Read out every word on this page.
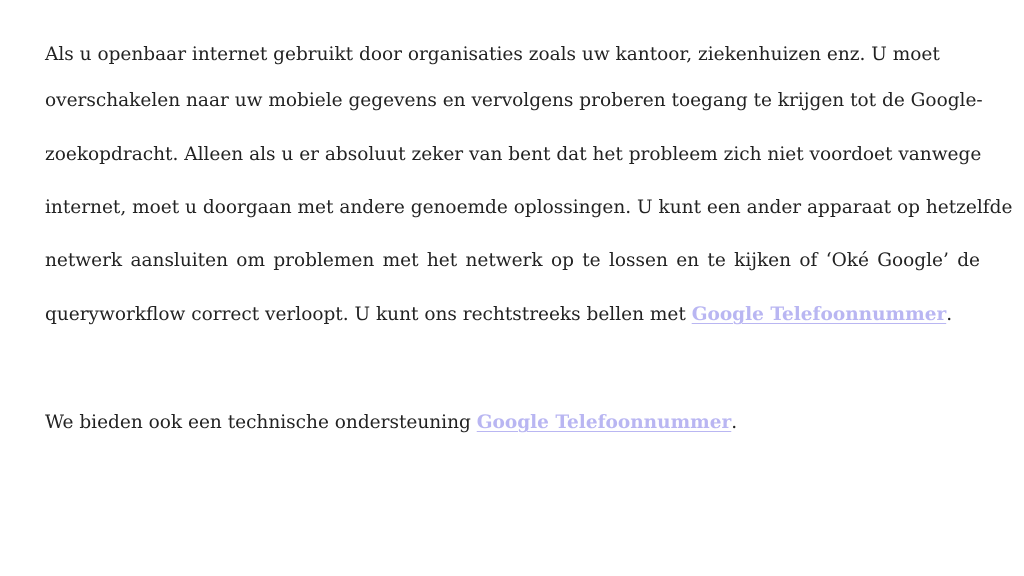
Als u openbaar internet gebruikt door organisaties zoals uw kantoor, ziekenhuizen enz. U moet
overschakelen naar uw mobiele gegevens en vervolgens proberen toegang te krijgen tot de Google-
zoekopdracht. Alleen als u er absoluut zeker van bent dat het probleem zich niet voordoet vanwege
internet, moet u doorgaan met andere genoemde oplossingen. U kunt een ander apparaat op hetzelfde
netwerk aansluiten om problemen met het netwerk op te lossen en te kijken of ‘Oké Google’ de
queryworkflow correct verloopt. U kunt ons rechtstreeks bellen met Google Telefoonnummer.
We bieden ook een technische ondersteuning Google Telefoonnummer.
